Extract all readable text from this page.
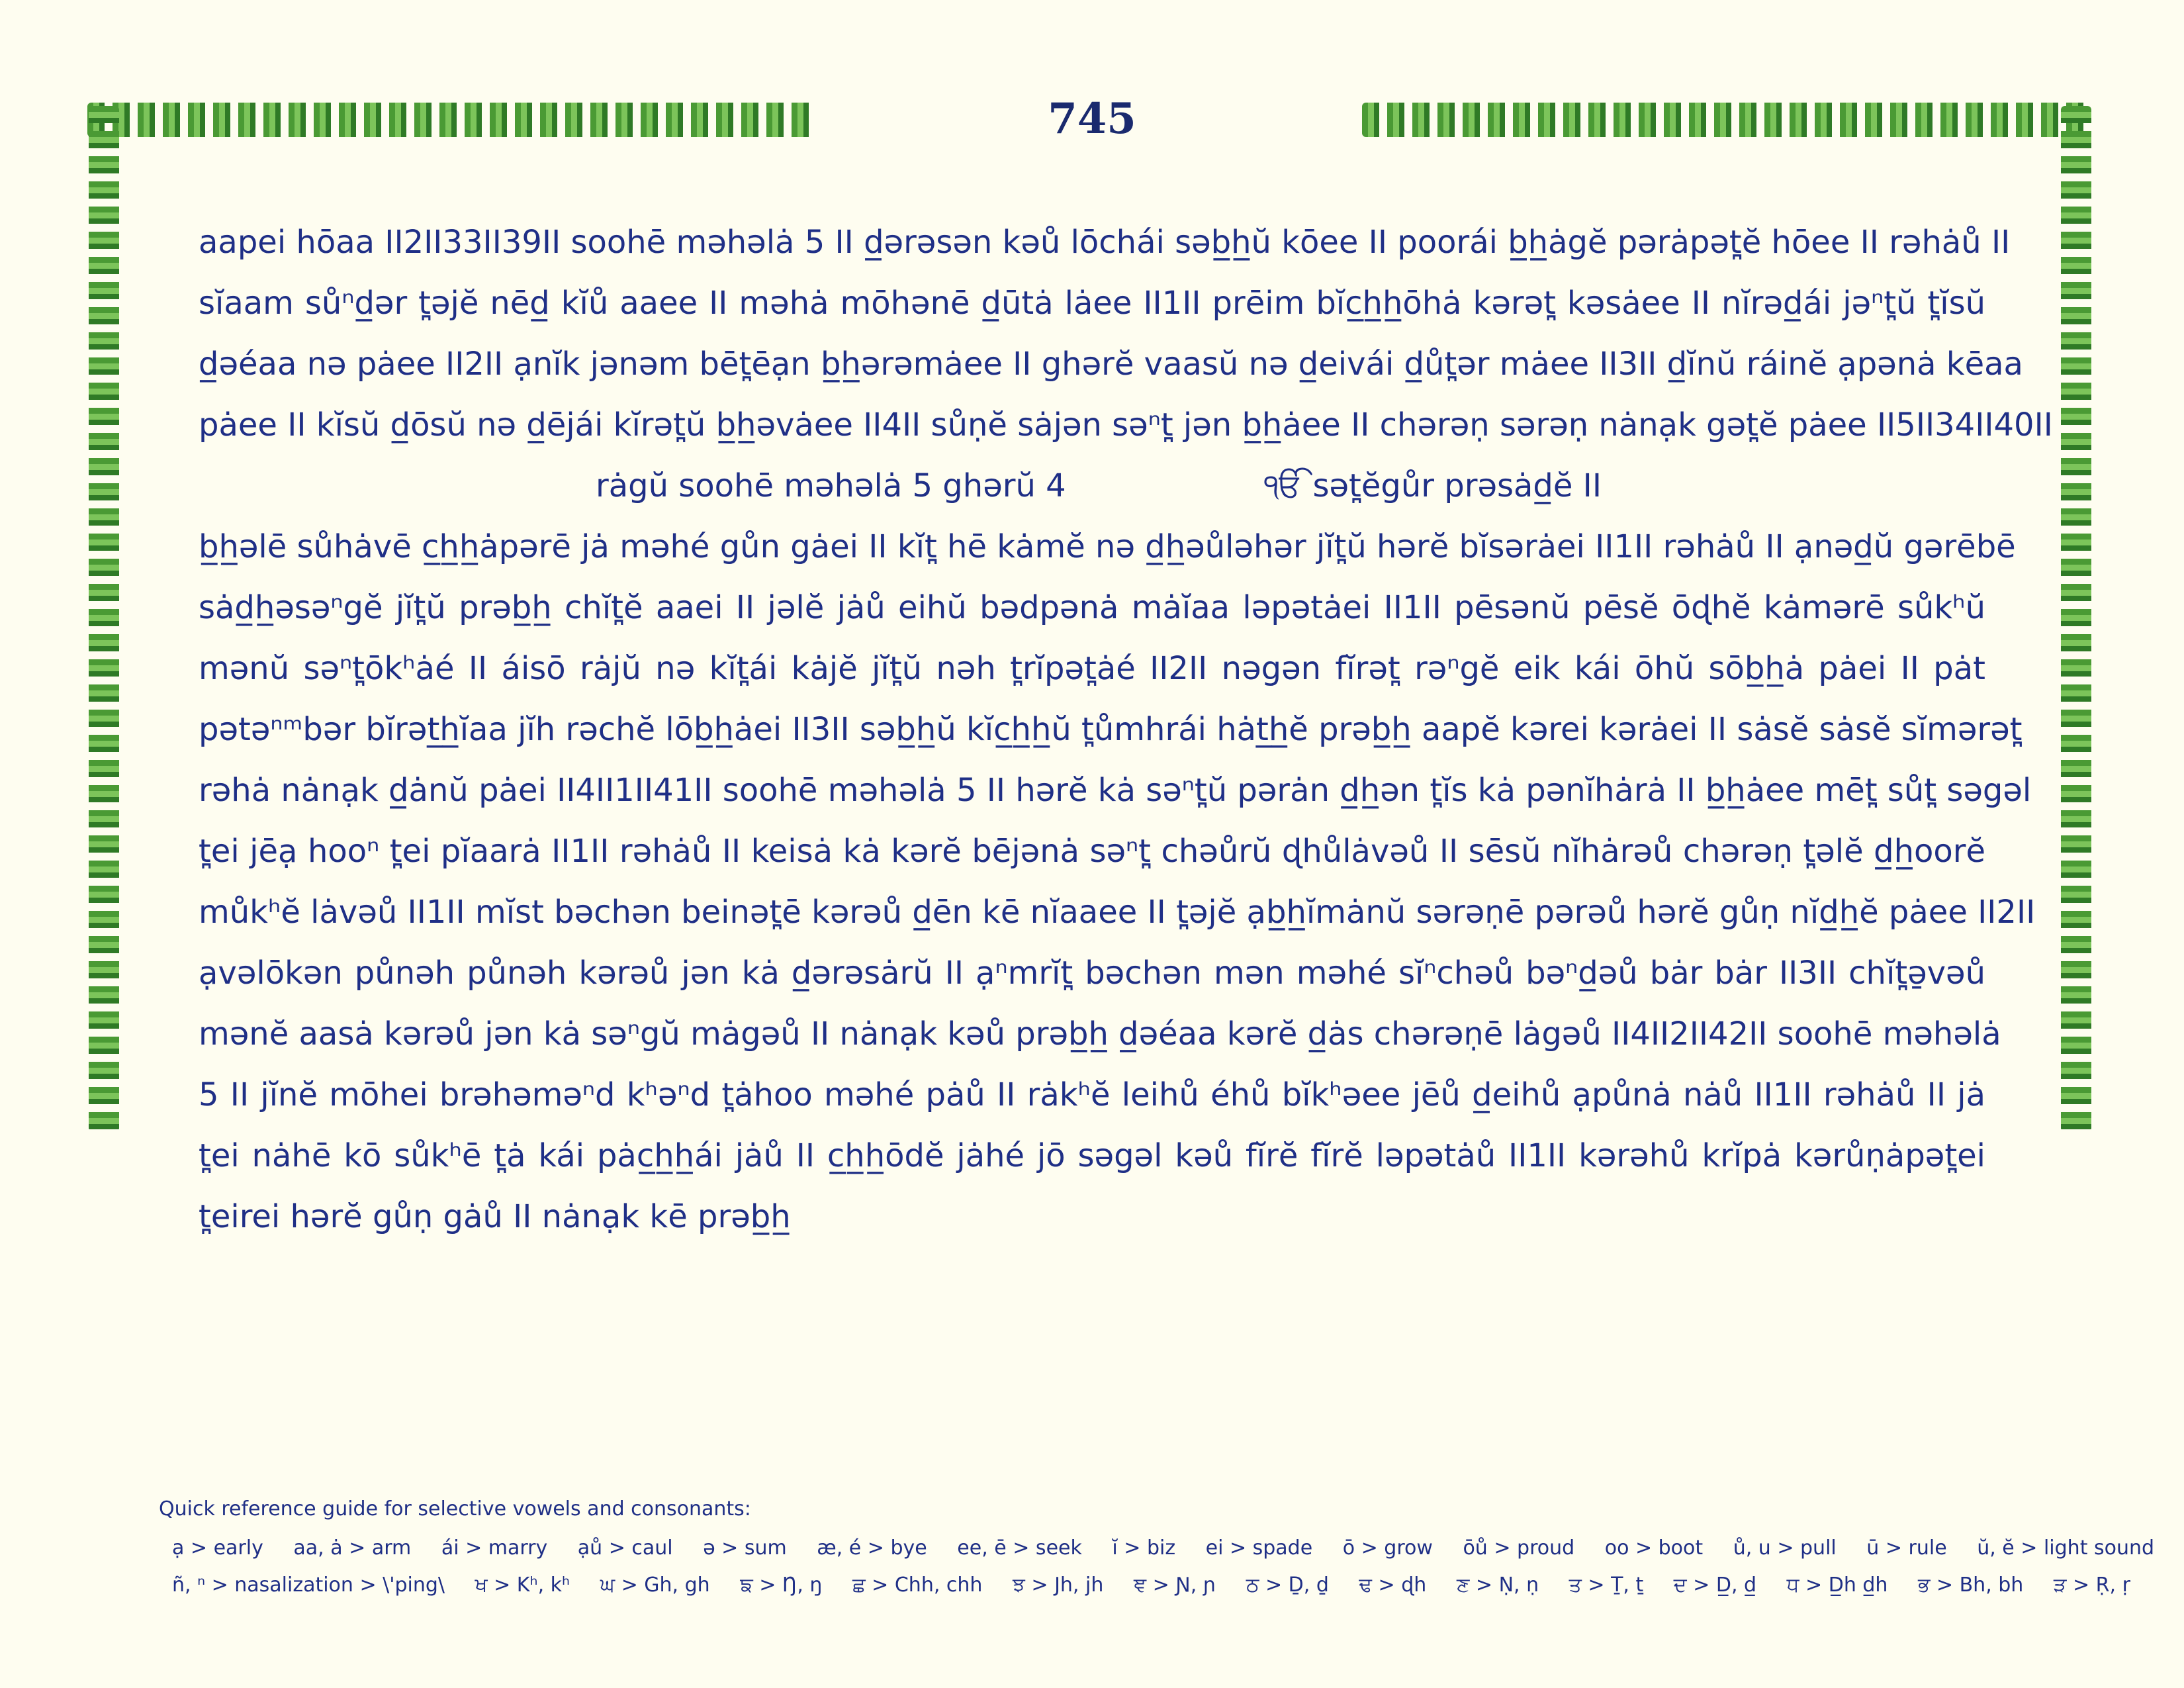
745
aapei hōaa II2II33II39II soohē məhəlȧ 5 II d̲ərəsən kəů lōchái səb̲h̲ŭ kōee II poorái b̲h̲ȧgĕ pərȧpət̪ĕ hōee II rəhȧů II
sĭaam sůⁿd̲ər t̪əjĕ nēd̲ kĭů aaee II məhȧ mōhənē d̲ūtȧ lȧee II1II prēim bĭc̲h̲h̲ōhȧ kərət̪ kəsȧee II nĭrəd̲ái jəⁿt̪ŭ t̪ĭsŭ
d̲əéaa nə pȧee II2II ạnĭk jənəm bēt̪ēạn b̲h̲ərəmȧee II ghərĕ vaasŭ nə d̲eivái d̲ůt̪ər mȧee II3II d̲ĭnŭ ráinĕ ạpənȧ kēaa
pȧee II kĭsŭ d̲ōsŭ nə d̲ējái kĭrət̪ŭ b̲h̲əvȧee II4II sůṇĕ sȧjən səⁿt̪ jən b̲h̲ȧee II chərəṇ sərəṇ nȧnạk gət̪ĕ pȧee II5II34II40II
rȧgŭ soohē məhəlȧ 5 ghərŭ 4	ੴ sət̪ĕgůr prəsȧd̲ĕ II
b̲h̲əlē sůhȧvē c̲h̲h̲ȧpərē jȧ məhé gůn gȧei II kĭt̪ hē kȧmĕ nə d̲h̲əůləhər jĭt̪ŭ hərĕ bĭsərȧei II1II rəhȧů II ạnəd̲ŭ gərēbē
sȧd̲h̲əsəⁿgĕ jĭt̪ŭ prəb̲h̲ chĭt̪ĕ aaei II jəlĕ jȧů eihŭ bədpənȧ mȧĭaa ləpətȧei II1II pēsənŭ pēsĕ ōɖhĕ kȧmərē sůkʰŭ
mənŭ səⁿt̪ōkʰȧé II áisō rȧjŭ nə kĭt̪ái kȧjĕ jĭt̪ŭ nəh t̪rĭpət̪ȧé II2II nəgən fĭrət̪ rəⁿgĕ eik kái ōhŭ sōb̲h̲ȧ pȧei II pȧt
pətəⁿᵐbər bĭrət̲h̲ĭaa jĭh rəchĕ lōb̲h̲ȧei II3II səb̲h̲ŭ kĭc̲h̲h̲ŭ t̪ůmhrái hȧt̲h̲ĕ prəb̲h̲ aapĕ kərei kərȧei II sȧsĕ sȧsĕ sĭmərət̪
rəhȧ nȧnạk d̲ȧnŭ pȧei II4II1II41II soohē məhəlȧ 5 II hərĕ kȧ səⁿt̪ŭ pərȧn d̲h̲ən t̪ĭs kȧ pənĭhȧrȧ II b̲h̲ȧee mēt̪ sůt̪ səgəl
t̪ei jēạ hooⁿ t̪ei pĭaarȧ II1II rəhȧů II keisȧ kȧ kərĕ bējənȧ səⁿt̪ chəůrŭ ɖhůlȧvəů II sēsŭ nĭhȧrəů chərəṇ t̪əlĕ d̲h̲oorĕ
můkʰĕ lȧvəů II1II mĭst bəchən beinət̪ē kərəů d̲ēn kē nĭaaee II t̪əjĕ ạb̲h̲ĭmȧnŭ sərəṇē pərəů hərĕ gůṇ nĭd̲h̲ĕ pȧee II2II
ạvəlōkən půnəh půnəh kərəů jən kȧ d̲ərəsȧrŭ II ạⁿmrĭt̪ bəchən mən məhé sĭⁿchəů bəⁿd̲əů bȧr bȧr II3II chĭt̪ə̱vəů
mənĕ aasȧ kərəů jən kȧ səⁿgŭ mȧgəů II nȧnạk kəů prəb̲h̲ d̲əéaa kərĕ d̲ȧs chərəṇē lȧgəů II4II2II42II soohē məhəlȧ
5 II jĭnĕ mōhei brəhəməⁿd kʰəⁿd t̪ȧhoo məhé pȧů II rȧkʰĕ leihů éhů bĭkʰəee jēů d̲eihů ạpůnȧ nȧů II1II rəhȧů II jȧ
t̪ei nȧhē kō sůkʰē t̪ȧ kái pȧc̲h̲h̲ái jȧů II c̲h̲h̲ōdĕ jȧhé jō səgəl kəů fĭrĕ fĭrĕ ləpətȧů II1II kərəhů krĭpȧ kərůṇȧpət̪ei
t̪eirei hərĕ gůṇ gȧů II nȧnạk kē prəb̲h̲
Quick reference guide for selective vowels and consonants:
ạ > early aa, ȧ > arm ái > marry ạů > caul ə > sum æ, é > bye ee, ē > seek ĭ > biz ei > spade ō > grow ōů > proud oo > boot ů, u > pull ū > rule ŭ, ĕ > light sound
ñ, ⁿ > nasalization > \'ping\ ਖ > Kʰ, kʰ ਘ > Gh, gh ਙ > Ŋ, ŋ ਛ > Chh, chh ਝ > Jh, jh ਞ > Ɲ, ɲ ਠ > Ḏ, ḏ ਢ > ɖh ਣ > Ṇ, ṇ ਤ > Ṯ, ṯ ਦ > D̲, d̲ ਧ > D̲h d̲h ਭ > Bh, bh ੜ > Ṛ, ṛ
